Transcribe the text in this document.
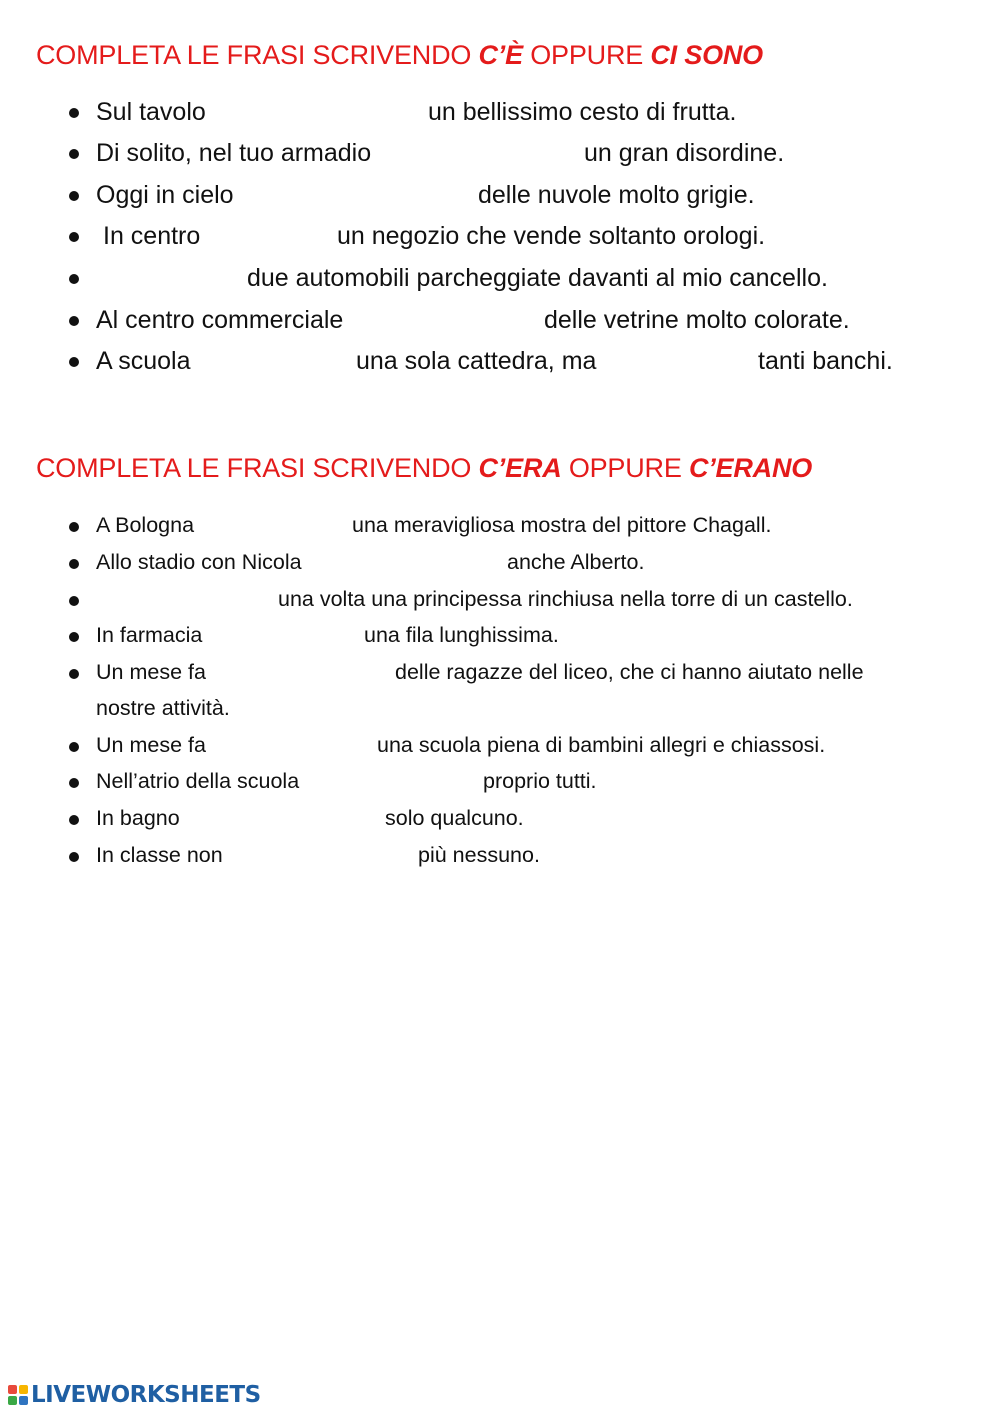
COMPLETA LE FRASI SCRIVENDO C’È OPPURE CI SONO
Sul tavolo	un bellissimo cesto di frutta.
Di solito, nel tuo armadio	un gran disordine.
Oggi in cielo	delle nuvole molto grigie.
In centro	un negozio che vende soltanto orologi.
due automobili parcheggiate davanti al mio cancello.
Al centro commerciale	delle vetrine molto colorate.
A scuola	una sola cattedra, ma	tanti banchi.
COMPLETA LE FRASI SCRIVENDO C’ERA OPPURE C’ERANO
A Bologna	una meravigliosa mostra del pittore Chagall.
Allo stadio con Nicola	anche Alberto.
una volta una principessa rinchiusa nella torre di un castello.
In farmacia	una fila lunghissima.
Un mese fa	delle ragazze del liceo, che ci hanno aiutato nelle
nostre attività.
Un mese fa	una scuola piena di bambini allegri e chiassosi.
Nell’atrio della scuola	proprio tutti.
In bagno	solo qualcuno.
In classe non	più nessuno.
LIVEWORKSHEETS
